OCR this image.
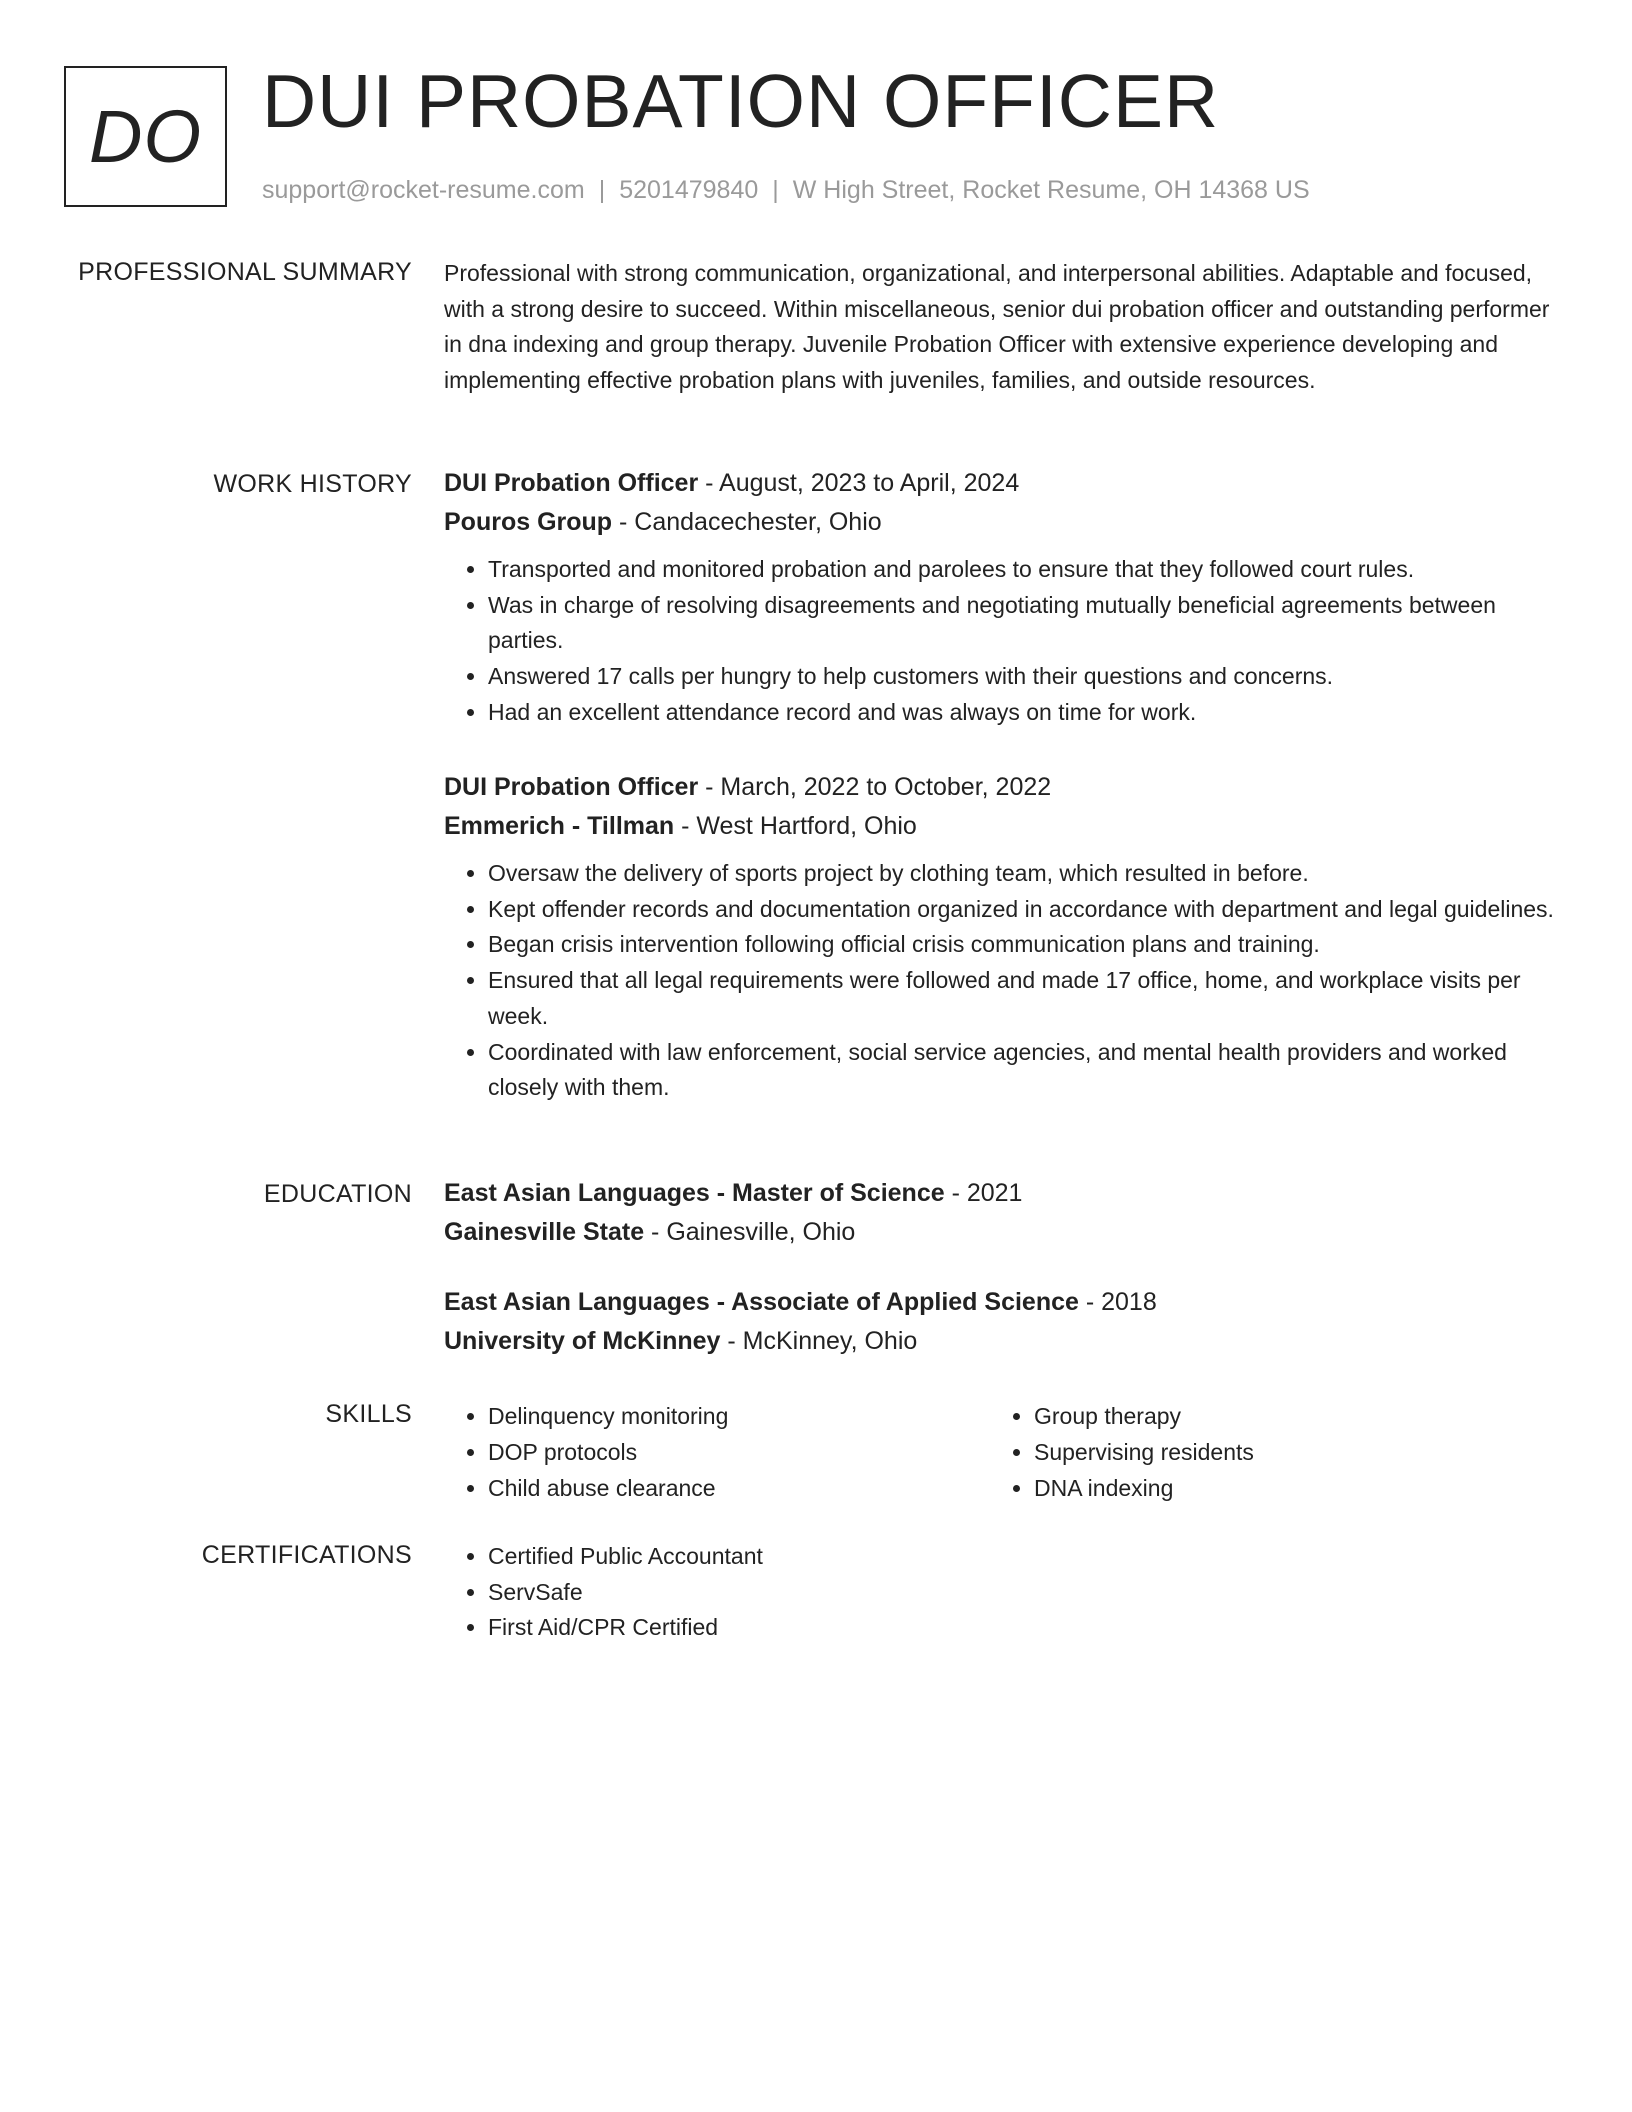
DO DUI PROBATION OFFICER
support@rocket-resume.com | 5201479840 | W High Street, Rocket Resume, OH 14368 US
PROFESSIONAL SUMMARY Professional with strong communication, organizational, and interpersonal abilities. Adaptable and focused, with a strong desire to succeed. Within miscellaneous, senior dui probation officer and outstanding performer in dna indexing and group therapy. Juvenile Probation Officer with extensive experience developing and implementing effective probation plans with juveniles, families, and outside resources.

WORK HISTORY DUI Probation Officer - August, 2023 to April, 2024
Pouros Group - Candacechester, Ohio
• Transported and monitored probation and parolees to ensure that they followed court rules.
• Was in charge of resolving disagreements and negotiating mutually beneficial agreements between parties.
• Answered 17 calls per hungry to help customers with their questions and concerns.
• Had an excellent attendance record and was always on time for work.
DUI Probation Officer - March, 2022 to October, 2022
Emmerich - Tillman - West Hartford, Ohio
• Oversaw the delivery of sports project by clothing team, which resulted in before.
• Kept offender records and documentation organized in accordance with department and legal guidelines.
• Began crisis intervention following official crisis communication plans and training.
• Ensured that all legal requirements were followed and made 17 office, home, and workplace visits per week.
• Coordinated with law enforcement, social service agencies, and mental health providers and worked closely with them.
EDUCATION East Asian Languages - Master of Science - 2021
Gainesville State - Gainesville, Ohio
East Asian Languages - Associate of Applied Science - 2018
University of McKinney - McKinney, Ohio
SKILLS	• Delinquency monitoring
• DOP protocols
• Child abuse clearance
• Group therapy
• Supervising residents
• DNA indexing
CERTIFICATIONS	• Certified Public Accountant
• ServSafe
• First Aid/CPR Certified
